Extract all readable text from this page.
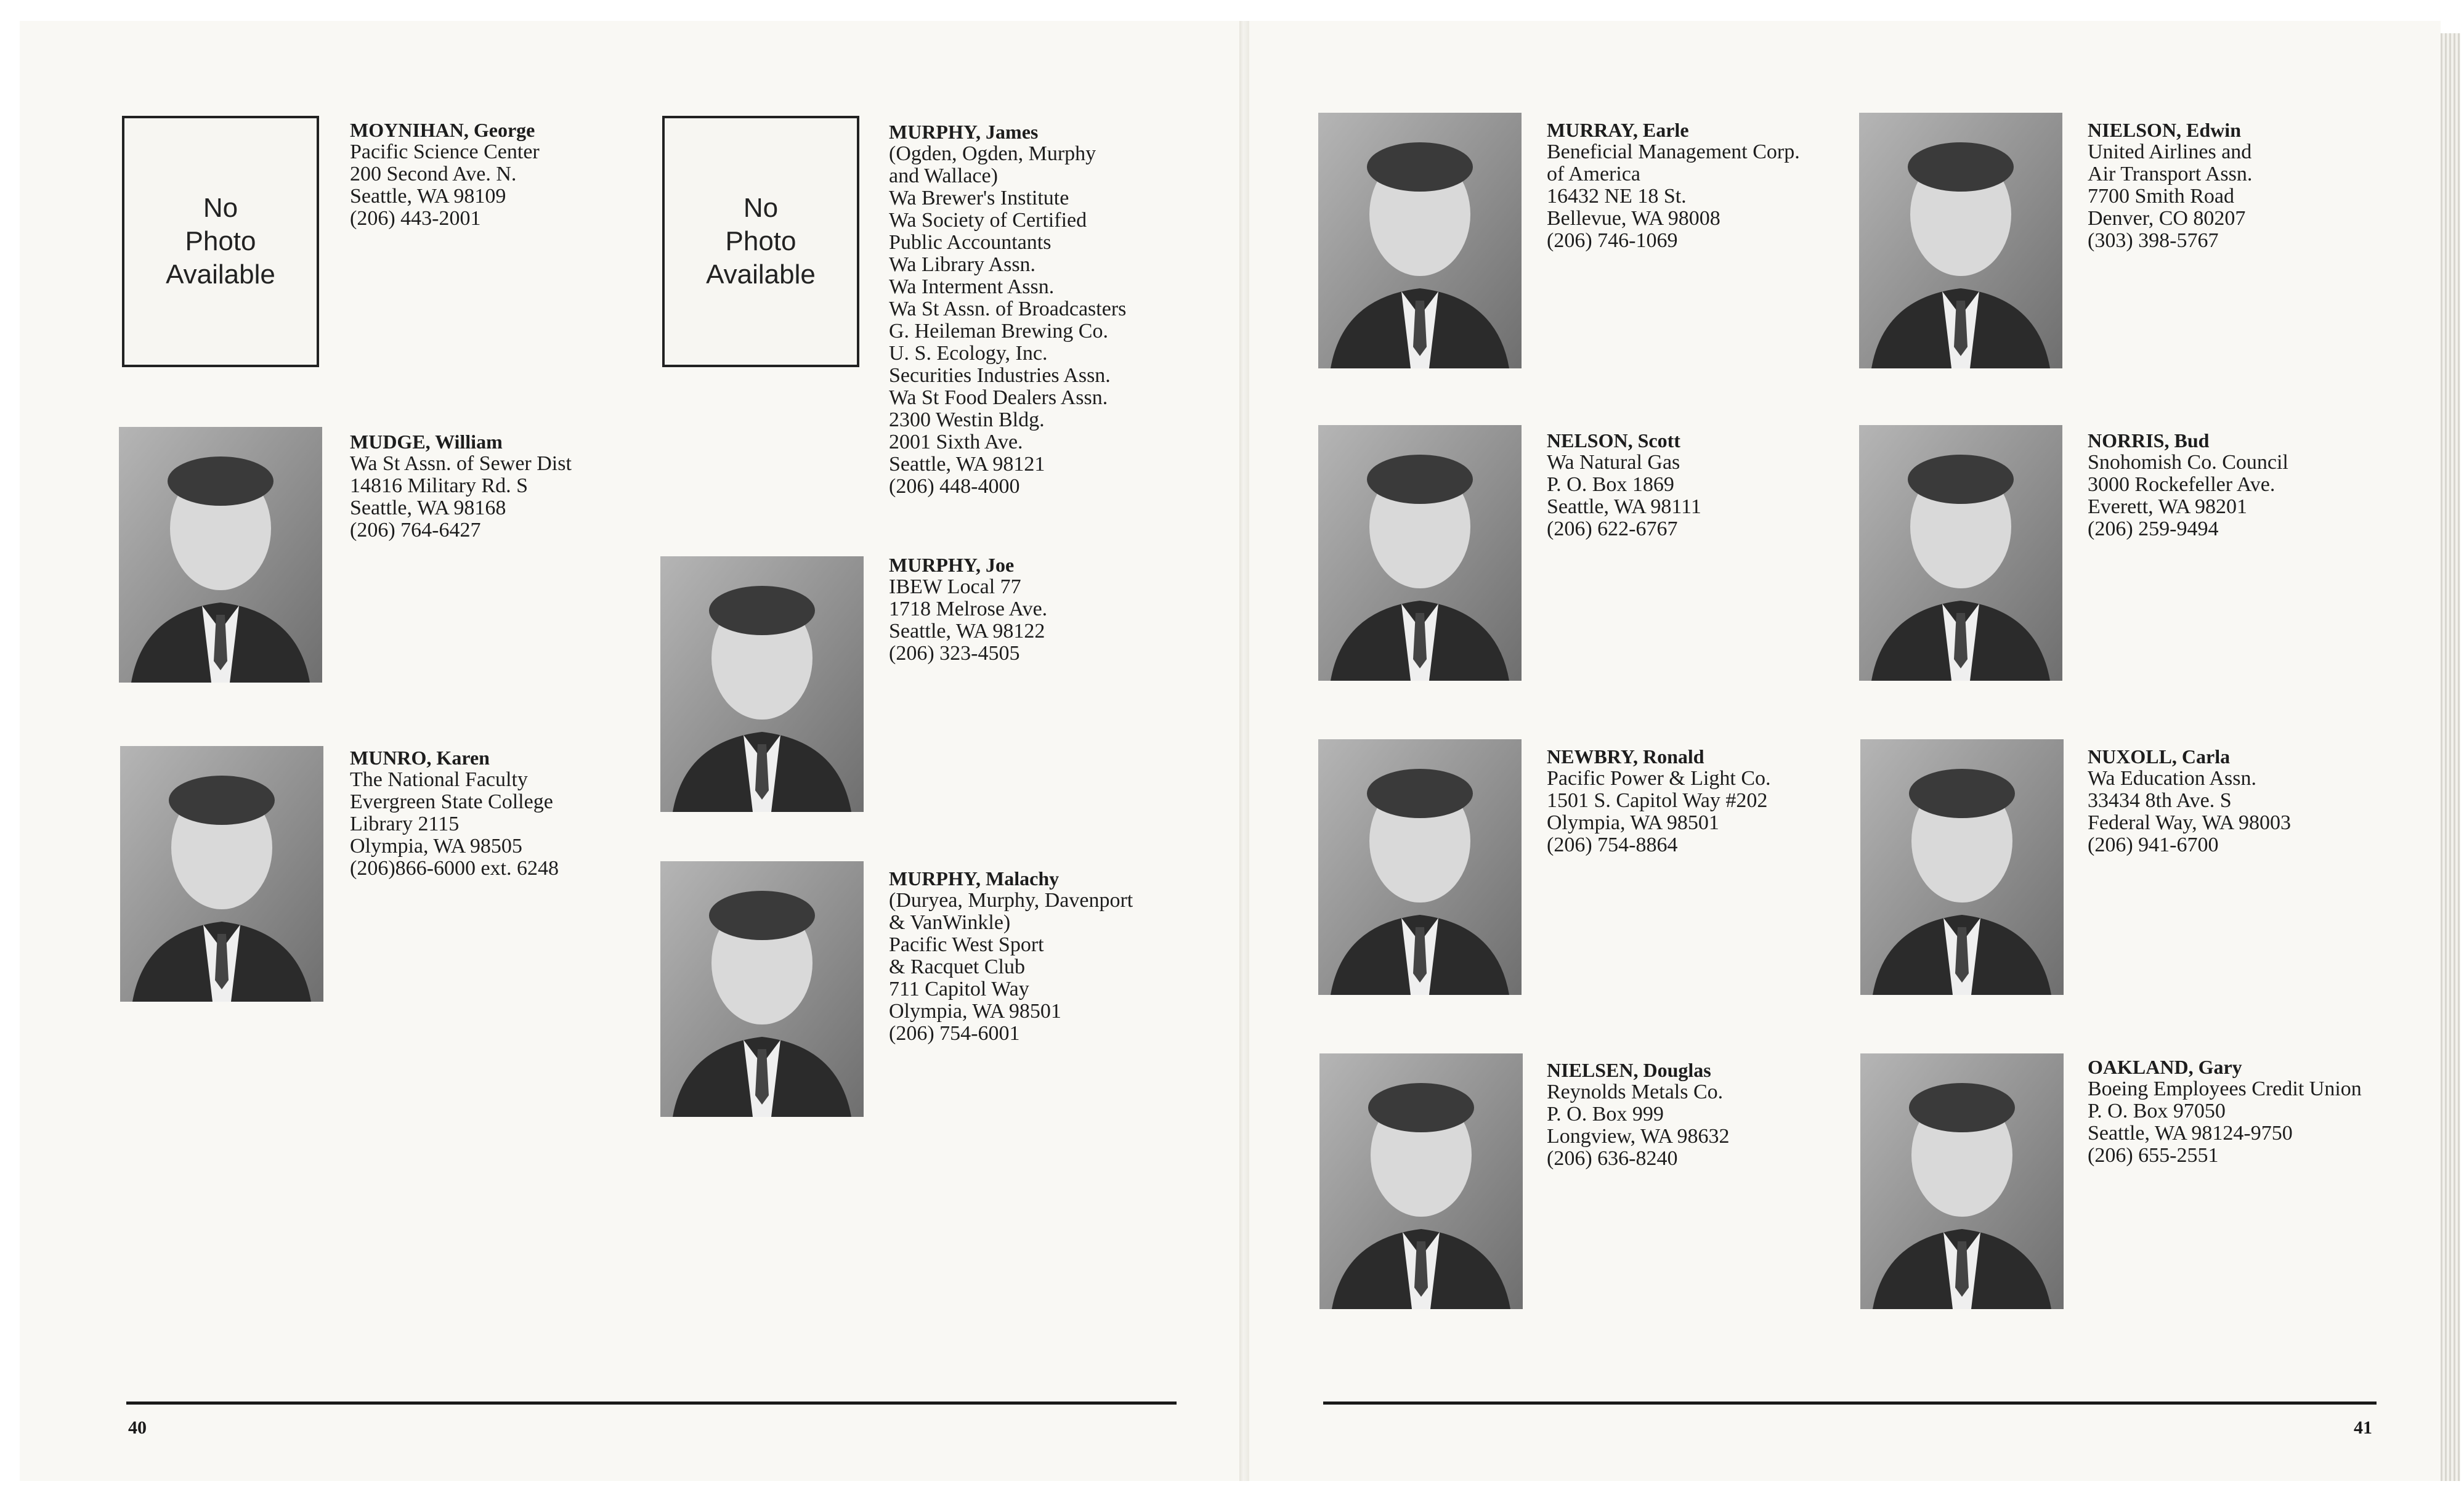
No
Photo
Available
MOYNIHAN, George
Pacific Science Center
200 Second Ave. N.
Seattle, WA 98109
(206) 443-2001
MUDGE, William
Wa St Assn. of Sewer Dist
14816 Military Rd. S
Seattle, WA 98168
(206) 764-6427
MUNRO, Karen
The National Faculty
Evergreen State College
Library 2115
Olympia, WA 98505
(206)866-6000 ext. 6248
No
Photo
Available
MURPHY, James
(Ogden, Ogden, Murphy
and Wallace)
Wa Brewer's Institute
Wa Society of Certified
Public Accountants
Wa Library Assn.
Wa Interment Assn.
Wa St Assn. of Broadcasters
G. Heileman Brewing Co.
U. S. Ecology, Inc.
Securities Industries Assn.
Wa St Food Dealers Assn.
2300 Westin Bldg.
2001 Sixth Ave.
Seattle, WA 98121
(206) 448-4000
MURPHY, Joe
IBEW Local 77
1718 Melrose Ave.
Seattle, WA 98122
(206) 323-4505
MURPHY, Malachy
(Duryea, Murphy, Davenport
& VanWinkle)
Pacific West Sport
& Racquet Club
711 Capitol Way
Olympia, WA 98501
(206) 754-6001
MURRAY, Earle
Beneficial Management Corp.
of America
16432 NE 18 St.
Bellevue, WA 98008
(206) 746-1069
NIELSON, Edwin
United Airlines and
Air Transport Assn.
7700 Smith Road
Denver, CO 80207
(303) 398-5767
NELSON, Scott
Wa Natural Gas
P. O. Box 1869
Seattle, WA 98111
(206) 622-6767
NORRIS, Bud
Snohomish Co. Council
3000 Rockefeller Ave.
Everett, WA 98201
(206) 259-9494
NEWBRY, Ronald
Pacific Power & Light Co.
1501 S. Capitol Way #202
Olympia, WA 98501
(206) 754-8864
NUXOLL, Carla
Wa Education Assn.
33434 8th Ave. S
Federal Way, WA 98003
(206) 941-6700
NIELSEN, Douglas
Reynolds Metals Co.
P. O. Box 999
Longview, WA 98632
(206) 636-8240
OAKLAND, Gary
Boeing Employees Credit Union
P. O. Box 97050
Seattle, WA 98124-9750
(206) 655-2551
40	41
